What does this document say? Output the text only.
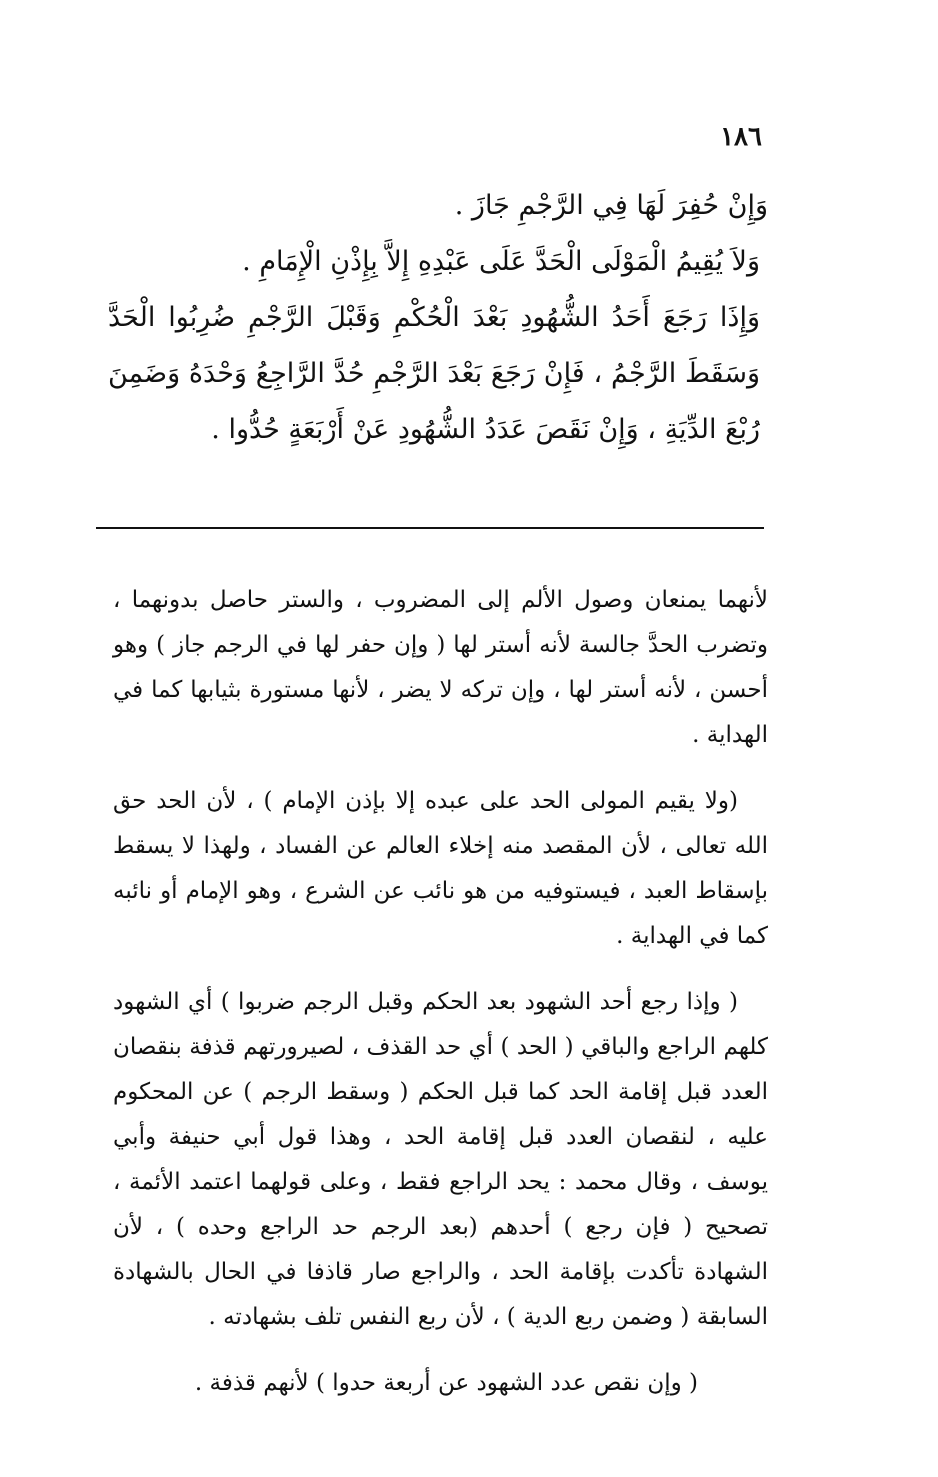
١٨٦

وَإِنْ حُفِرَ لَهَا فِي الرَّجْمِ جَازَ .

وَلاَ يُقِيمُ الْمَوْلَى الْحَدَّ عَلَى عَبْدِهِ إِلاَّ بِإِذْنِ الْإِمَامِ .

وَإِذَا رَجَعَ أَحَدُ الشُّهُودِ بَعْدَ الْحُكْمِ وَقَبْلَ الرَّجْمِ ضُرِبُوا الْحَدَّ وَسَقَطَ الرَّجْمُ ، فَإِنْ رَجَعَ بَعْدَ الرَّجْمِ حُدَّ الرَّاجِعُ وَحْدَهُ وَضَمِنَ رُبْعَ الدِّيَةِ ، وَإِنْ نَقَصَ عَدَدُ الشُّهُودِ عَنْ أَرْبَعَةٍ حُدُّوا .

لأنهما يمنعان وصول الألم إلى المضروب ، والستر حاصل بدونهما ، وتضرب الحدَّ جالسة لأنه أستر لها ( وإن حفر لها في الرجم جاز ) وهو أحسن ، لأنه أستر لها ، وإن تركه لا يضر ، لأنها مستورة بثيابها كما في الهداية .

(ولا يقيم المولى الحد على عبده إلا بإذن الإمام ) ، لأن الحد حق الله تعالى ، لأن المقصد منه إخلاء العالم عن الفساد ، ولهذا لا يسقط بإسقاط العبد ، فيستوفيه من هو نائب عن الشرع ، وهو الإمام أو نائبه كما في الهداية .

( وإذا رجع أحد الشهود بعد الحكم وقبل الرجم ضربوا ) أي الشهود كلهم الراجع والباقي ( الحد ) أي حد القذف ، لصيرورتهم قذفة بنقصان العدد قبل إقامة الحد كما قبل الحكم ( وسقط الرجم ) عن المحكوم عليه ، لنقصان العدد قبل إقامة الحد ، وهذا قول أبي حنيفة وأبي يوسف ، وقال محمد : يحد الراجع فقط ، وعلى قولهما اعتمد الأئمة ، تصحيح ( فإن رجع ) أحدهم (بعد الرجم حد الراجع وحده ) ، لأن الشهادة تأكدت بإقامة الحد ، والراجع صار قاذفا في الحال بالشهادة السابقة ( وضمن ربع الدية ) ، لأن ربع النفس تلف بشهادته .

( وإن نقص عدد الشهود عن أربعة حدوا ) لأنهم قذفة .
